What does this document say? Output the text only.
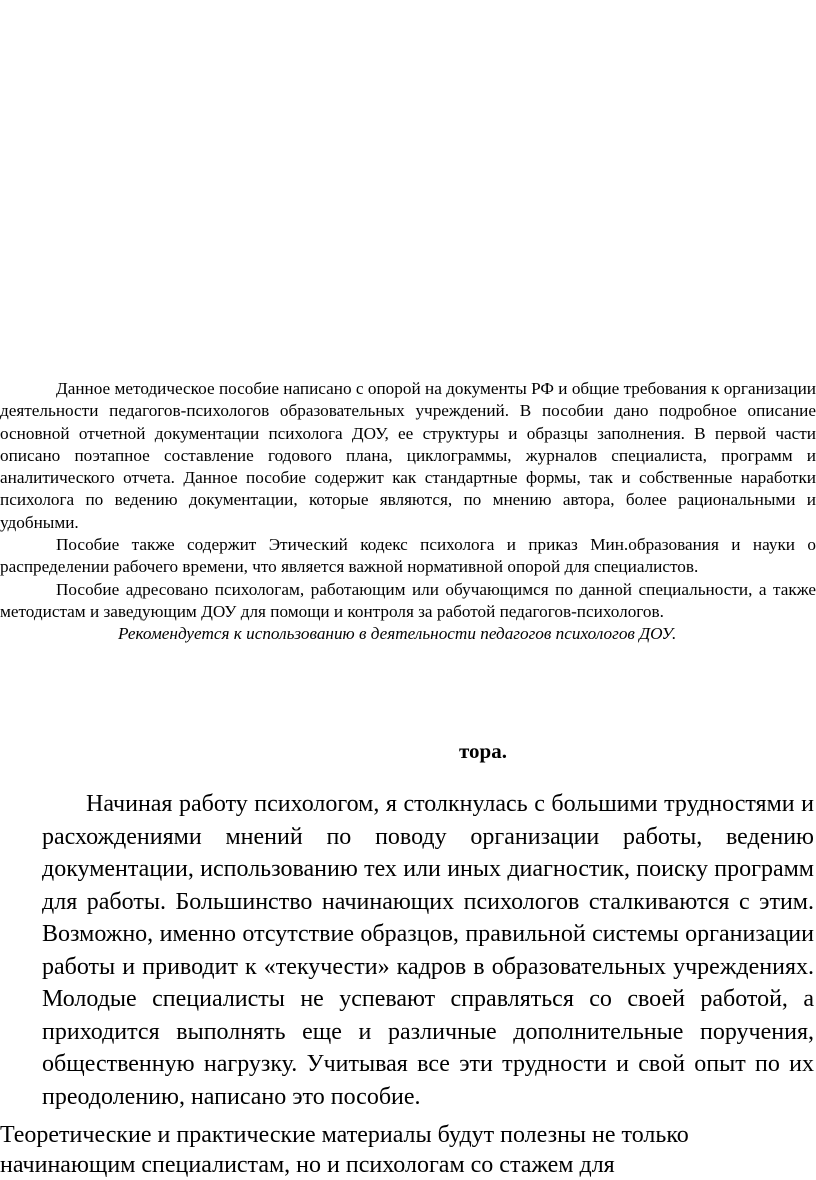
Данное методическое пособие написано с опорой на документы РФ и общие требования к организации деятельности педагогов-психологов образовательных учреждений. В пособии дано подробное описание основной отчетной документации психолога ДОУ, ее структуры и образцы заполнения. В первой части описано поэтапное составление годового плана, циклограммы, журналов специалиста, программ и аналитического отчета. Данное пособие содержит как стандартные формы, так и собственные наработки психолога по ведению документации, которые являются, по мнению автора, более рациональными и удобными.

Пособие также содержит Этический кодекс психолога и приказ Мин.образования и науки о распределении рабочего времени, что является важной нормативной опорой для специалистов.

Пособие адресовано психологам, работающим или обучающимся по данной специальности, а также методистам и заведующим ДОУ для помощи и контроля за работой педагогов-психологов.

Рекомендуется к использованию в деятельности педагогов психологов ДОУ.

тора.

Начиная работу психологом, я столкнулась с большими трудностями и расхождениями мнений по поводу организации работы, ведению документации, использованию тех или иных диагностик, поиску программ для работы. Большинство начинающих психологов сталкиваются с этим. Возможно, именно отсутствие образцов, правильной системы организации работы и приводит к «текучести» кадров в образовательных учреждениях. Молодые специалисты не успевают справляться со своей работой, а приходится выполнять еще и различные дополнительные поручения, общественную нагрузку. Учитывая все эти трудности и свой опыт по их преодолению, написано это пособие.

Теоретические и практические материалы будут полезны не только
начинающим специалистам, но и психологам со стажем для
